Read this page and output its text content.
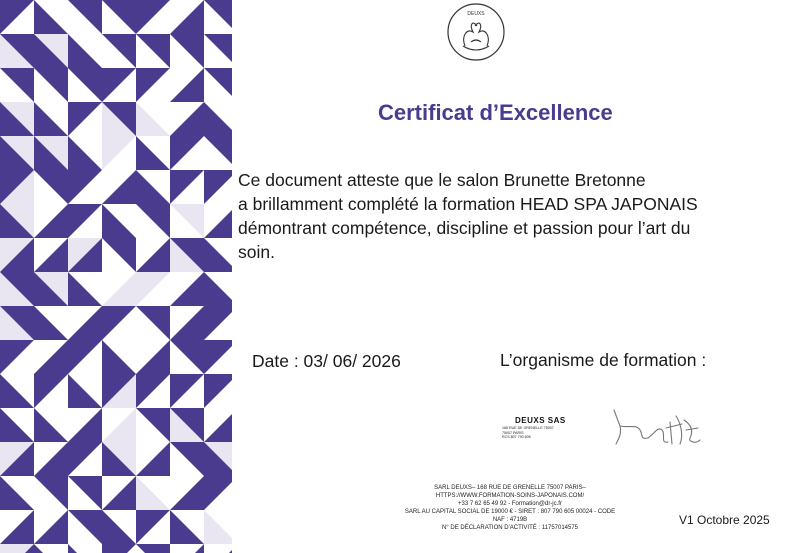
DEUXS
Certificat d’Excellence
Ce document atteste que le salon Brunette Bretonne
a brillamment complété la formation HEAD SPA JAPONAIS
démontrant compétence, discipline et passion pour l’art du
soin.
Date : 03/ 06/ 2026	L’organisme de formation :
DEUXS SAS
168 RUE DE GRENELLE 75007
75007 PARIS
RCS 807 790 605
SARL DEUXS– 168 RUE DE GRENELLE 75007 PARIS–
HTTPS://WWW.FORMATION-SOINS-JAPONAIS.COM/
+33 7 62 65 49 92 - Formation@dr-jc.fr
SARL AU CAPITAL SOCIAL DE 19000 € - SIRET : 807 790 605 00024 - CODE
NAF : 4719B
N° DE DÉCLARATION D'ACTIVITÉ : 11757014575
V1 Octobre 2025
